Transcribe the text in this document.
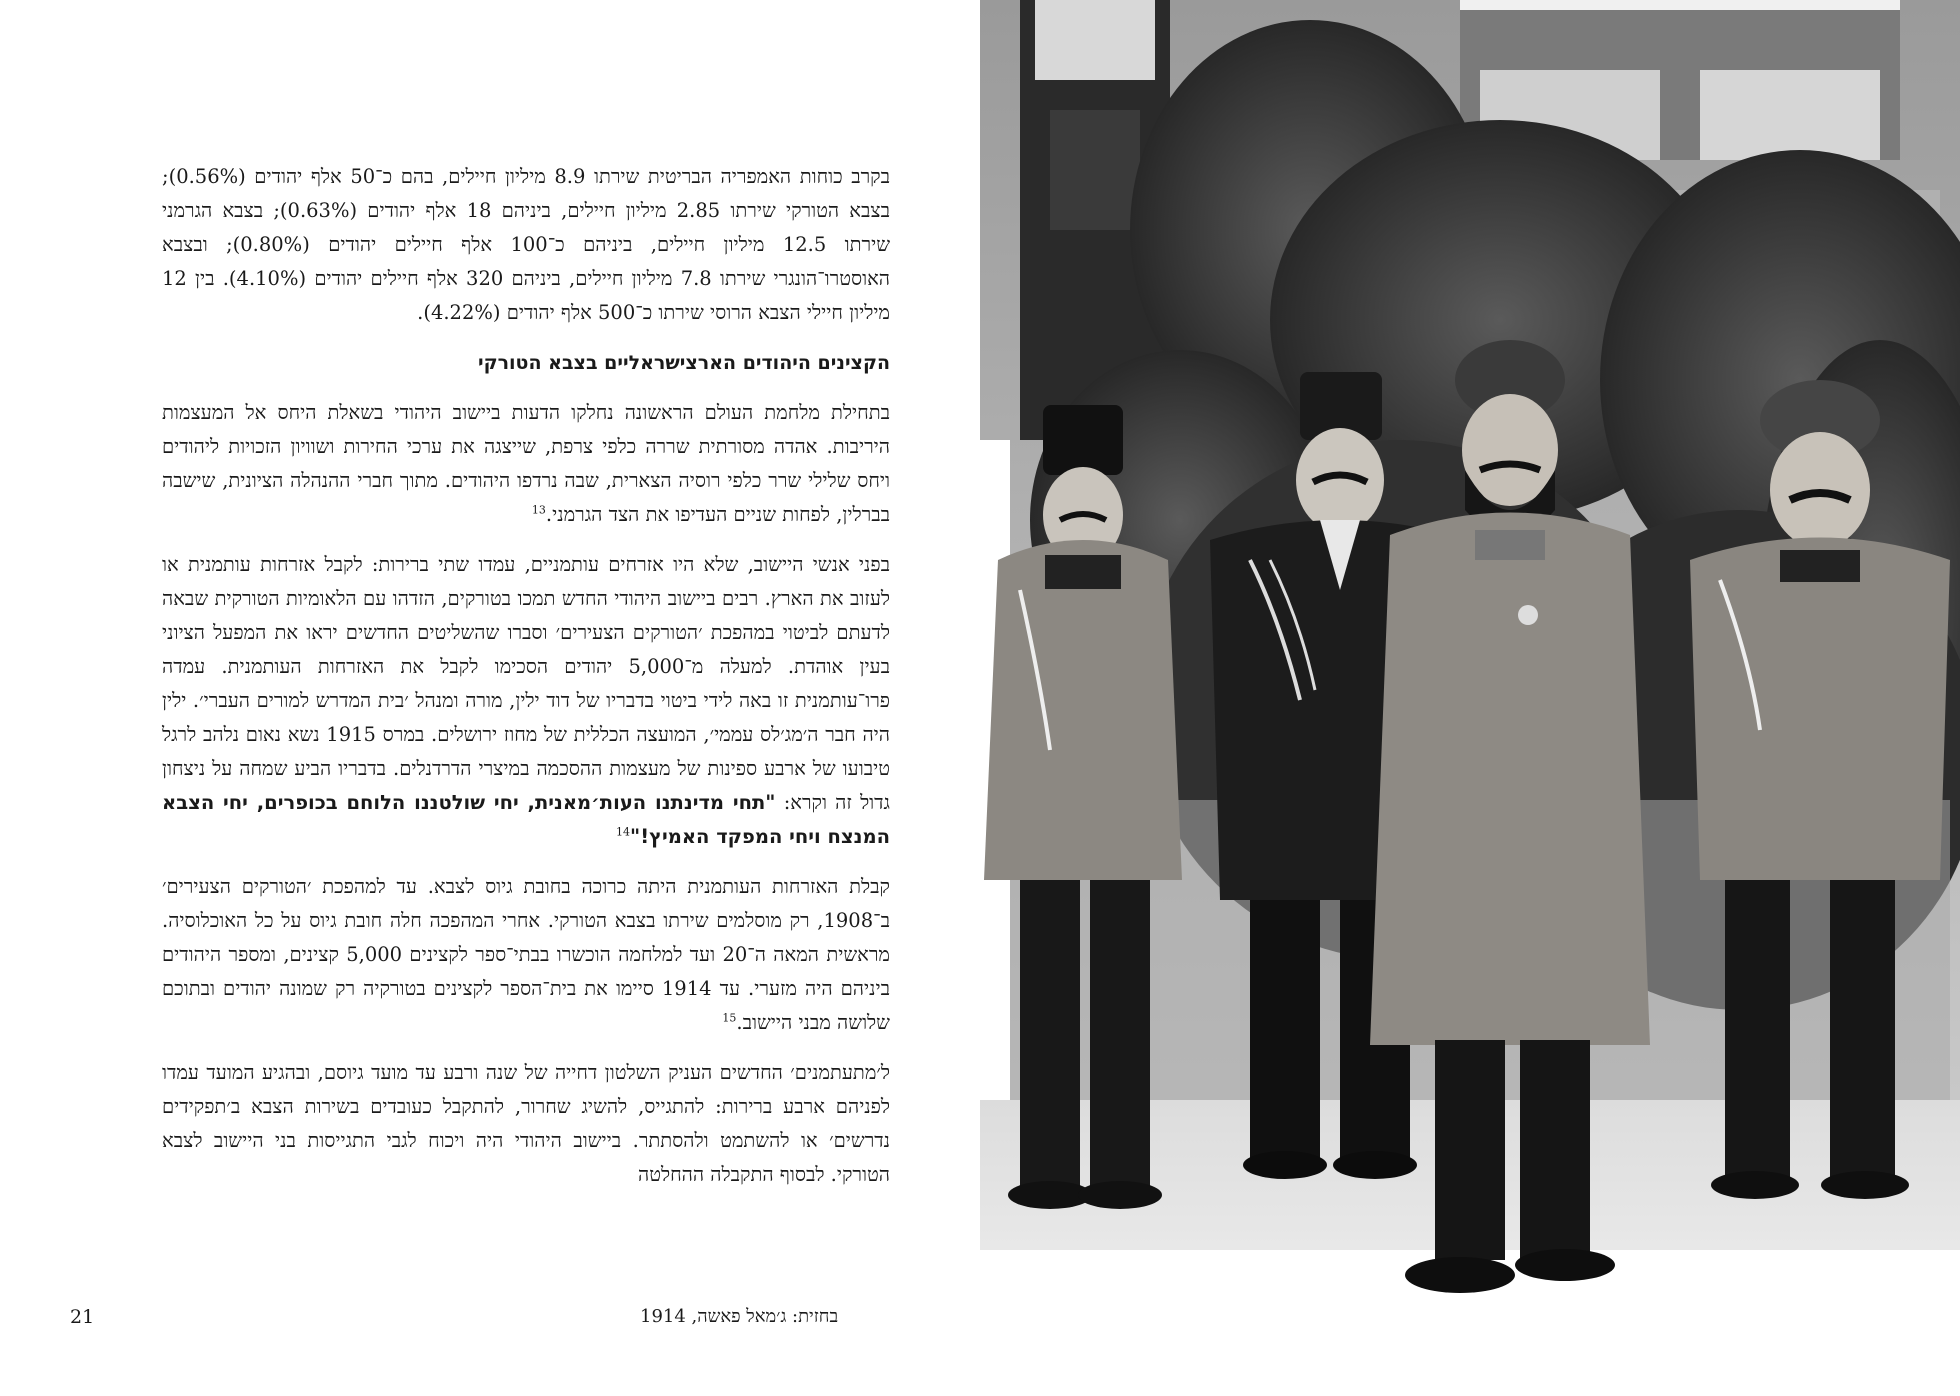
בקרב כוחות האמפריה הבריטית שירתו 8.9 מיליון חיילים, בהם כ־50 אלף יהודים (0.56%); בצבא הטורקי שירתו 2.85 מיליון חיילים, ביניהם 18 אלף יהודים (0.63%); בצבא הגרמני שירתו 12.5 מיליון חיילים, ביניהם כ־100 אלף חיילים יהודים (0.80%); ובצבא האוסטרו־הונגרי שירתו 7.8 מיליון חיילים, ביניהם 320 אלף חיילים יהודים (4.10%). בין 12 מיליון חיילי הצבא הרוסי שירתו כ־500 אלף יהודים (4.22%).

הקצינים היהודים הארצישראליים בצבא הטורקי

בתחילת מלחמת העולם הראשונה נחלקו הדעות ביישוב היהודי בשאלת היחס אל המעצמות היריבות. אהדה מסורתית שררה כלפי צרפת, שייצגה את ערכי החירות ושוויון הזכויות ליהודים ויחס שלילי שרר כלפי רוסיה הצארית, שבה נרדפו היהודים. מתוך חברי ההנהלה הציונית, שישבה בברלין, לפחות שניים העדיפו את הצד הגרמני.$^{13}$

בפני אנשי היישוב, שלא היו אזרחים עותמניים, עמדו שתי ברירות: לקבל אזרחות עותמנית או לעזוב את הארץ. רבים ביישוב היהודי החדש תמכו בטורקים, הזדהו עם הלאומיות הטורקית שבאה לדעתם לביטוי במהפכת ׳הטורקים הצעירים׳ וסברו שהשליטים החדשים יראו את המפעל הציוני בעין אוהדת. למעלה מ־5,000 יהודים הסכימו לקבל את האזרחות העותמנית. עמדה פרו־עותמנית זו באה לידי ביטוי בדבריו של דוד ילין, מורה ומנהל ׳בית המדרש למורים העברי׳. ילין היה חבר ה׳מג׳לס עממי׳, המועצה הכללית של מחוז ירושלים. במרס 1915 נשא נאום נלהב לרגל טיבועו של ארבע ספינות של מעצמות ההסכמה במיצרי הדרדנלים. בדבריו הביע שמחה על ניצחון גדול זה וקרא: "תחי מדינתנו העות׳מאנית, יחי שולטננו הלוחם בכופרים, יחי הצבא המנצח ויחי המפקד האמיץ!"$^{14}$

קבלת האזרחות העותמנית היתה כרוכה בחובת גיוס לצבא. עד למהפכת ׳הטורקים הצעירים׳ ב־1908, רק מוסלמים שירתו בצבא הטורקי. אחרי המהפכה חלה חובת גיוס על כל האוכלוסיה. מראשית המאה ה־20 ועד למלחמה הוכשרו בבתי־ספר לקצינים 5,000 קצינים, ומספר היהודים ביניהם היה מזערי. עד 1914 סיימו את בית־הספר לקצינים בטורקיה רק שמונה יהודים ובתוכם שלושה מבני היישוב.$^{15}$

ל׳מתעתמנים׳ החדשים העניק השלטון דחייה של שנה ורבע עד מועד גיוסם, ובהגיע המועד עמדו לפניהם ארבע ברירות: להתגייס, להשיג שחרור, להתקבל כעובדים בשירות הצבא ב׳תפקידים נדרשים׳ או להשתמט ולהסתתר. ביישוב היהודי היה ויכוח לגבי התגייסות בני היישוב לצבא הטורקי. לבסוף התקבלה ההחלטה

21	בחזית: ג׳מאל פאשה, 1914
